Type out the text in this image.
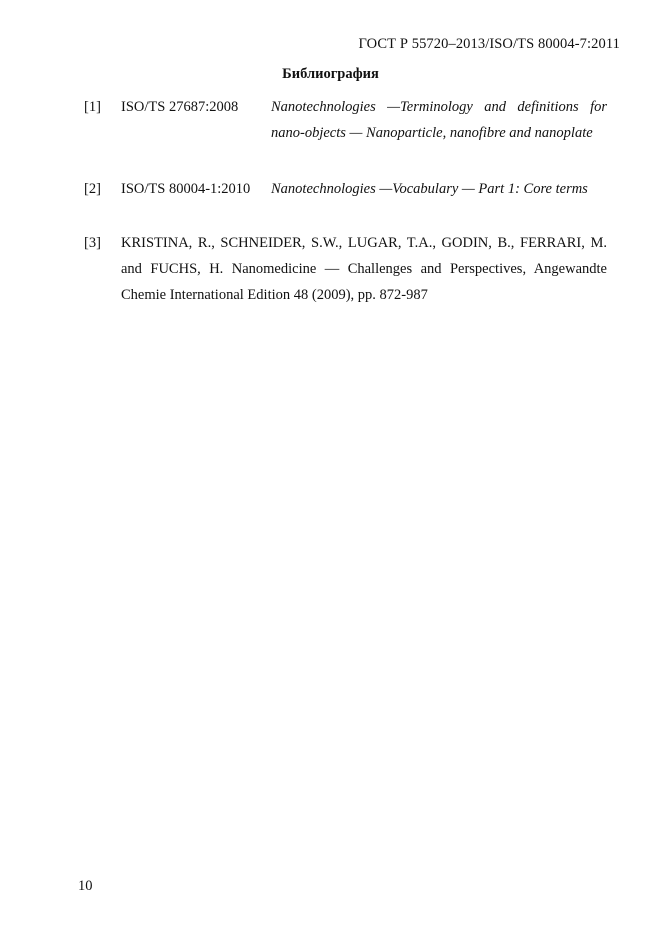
ГОСТ Р 55720–2013/ISO/TS 80004-7:2011
Библиография
[1] ISO/TS 27687:2008 Nanotechnologies —Terminology and definitions for nano-objects — Nanoparticle, nanofibre and nanoplate
[2] ISO/TS 80004-1:2010 Nanotechnologies —Vocabulary — Part 1: Core terms
[3] KRISTINA, R., SCHNEIDER, S.W., LUGAR, T.A., GODIN, B., FERRARI, M. and FUCHS, H. Nanomedicine — Challenges and Perspectives, Angewandte Chemie International Edition 48 (2009), pp. 872-987
10
